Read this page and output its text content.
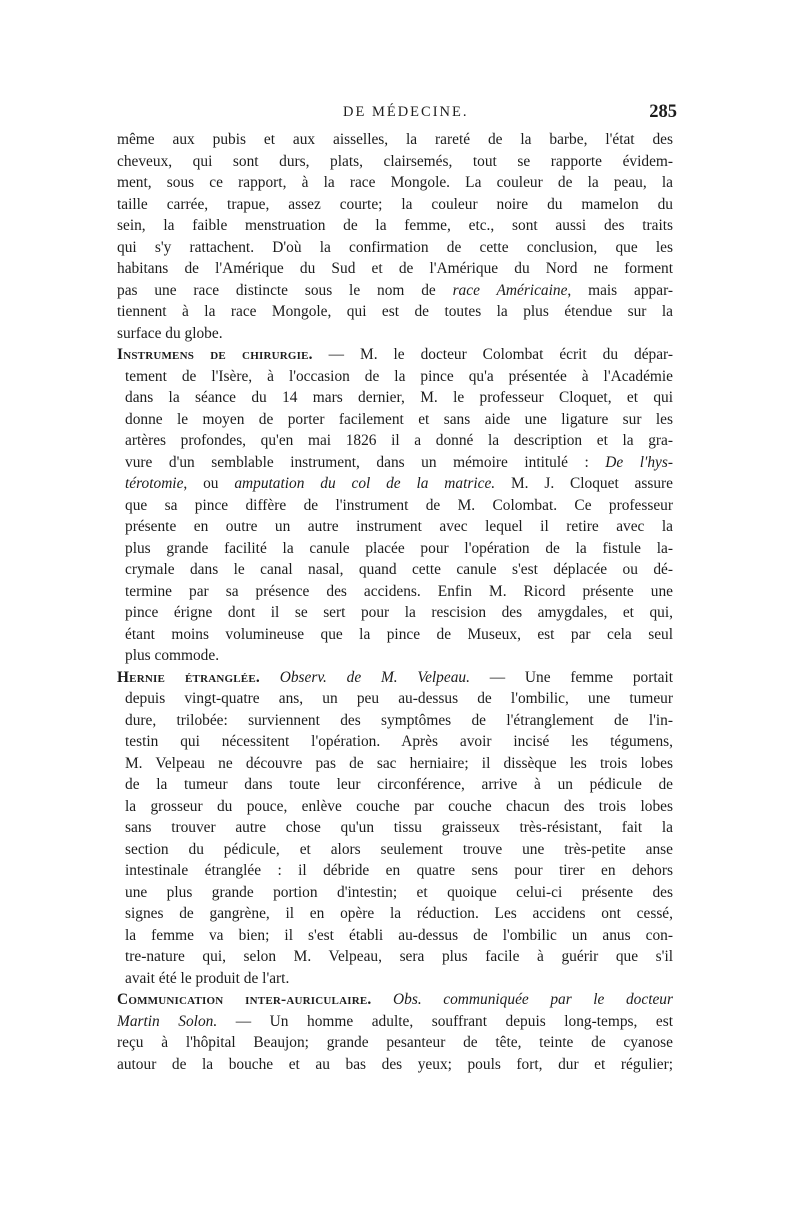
DE MÉDECINE.	285
même aux pubis et aux aisselles, la rareté de la barbe, l'état des
cheveux, qui sont durs, plats, clairsemés, tout se rapporte évidem-
ment, sous ce rapport, à la race Mongole. La couleur de la peau, la
taille carrée, trapue, assez courte; la couleur noire du mamelon du
sein, la faible menstruation de la femme, etc., sont aussi des traits
qui s'y rattachent. D'où la confirmation de cette conclusion, que les
habitans de l'Amérique du Sud et de l'Amérique du Nord ne forment
pas une race distincte sous le nom de race Américaine, mais appar-
tiennent à la race Mongole, qui est de toutes la plus étendue sur la
surface du globe.
Instrumens de chirurgie. — M. le docteur Colombat écrit du dépar-
tement de l'Isère, à l'occasion de la pince qu'a présentée à l'Académie
dans la séance du 14 mars dernier, M. le professeur Cloquet, et qui
donne le moyen de porter facilement et sans aide une ligature sur les
artères profondes, qu'en mai 1826 il a donné la description et la gra-
vure d'un semblable instrument, dans un mémoire intitulé : De l'hys-
térotomie, ou amputation du col de la matrice. M. J. Cloquet assure
que sa pince diffère de l'instrument de M. Colombat. Ce professeur
présente en outre un autre instrument avec lequel il retire avec la
plus grande facilité la canule placée pour l'opération de la fistule la-
crymale dans le canal nasal, quand cette canule s'est déplacée ou dé-
termine par sa présence des accidens. Enfin M. Ricord présente une
pince érigne dont il se sert pour la rescision des amygdales, et qui,
étant moins volumineuse que la pince de Museux, est par cela seul
plus commode.
Hernie étranglée. Observ. de M. Velpeau. — Une femme portait
depuis vingt-quatre ans, un peu au-dessus de l'ombilic, une tumeur
dure, trilobée: surviennent des symptômes de l'étranglement de l'in-
testin qui nécessitent l'opération. Après avoir incisé les tégumens,
M. Velpeau ne découvre pas de sac herniaire; il dissèque les trois lobes
de la tumeur dans toute leur circonférence, arrive à un pédicule de
la grosseur du pouce, enlève couche par couche chacun des trois lobes
sans trouver autre chose qu'un tissu graisseux très-résistant, fait la
section du pédicule, et alors seulement trouve une très-petite anse
intestinale étranglée : il débride en quatre sens pour tirer en dehors
une plus grande portion d'intestin; et quoique celui-ci présente des
signes de gangrène, il en opère la réduction. Les accidens ont cessé,
la femme va bien; il s'est établi au-dessus de l'ombilic un anus con-
tre-nature qui, selon M. Velpeau, sera plus facile à guérir que s'il
avait été le produit de l'art.
Communication inter-auriculaire. Obs. communiquée par le docteur
Martin Solon. — Un homme adulte, souffrant depuis long-temps, est
reçu à l'hôpital Beaujon; grande pesanteur de tête, teinte de cyanose
autour de la bouche et au bas des yeux; pouls fort, dur et régulier;
